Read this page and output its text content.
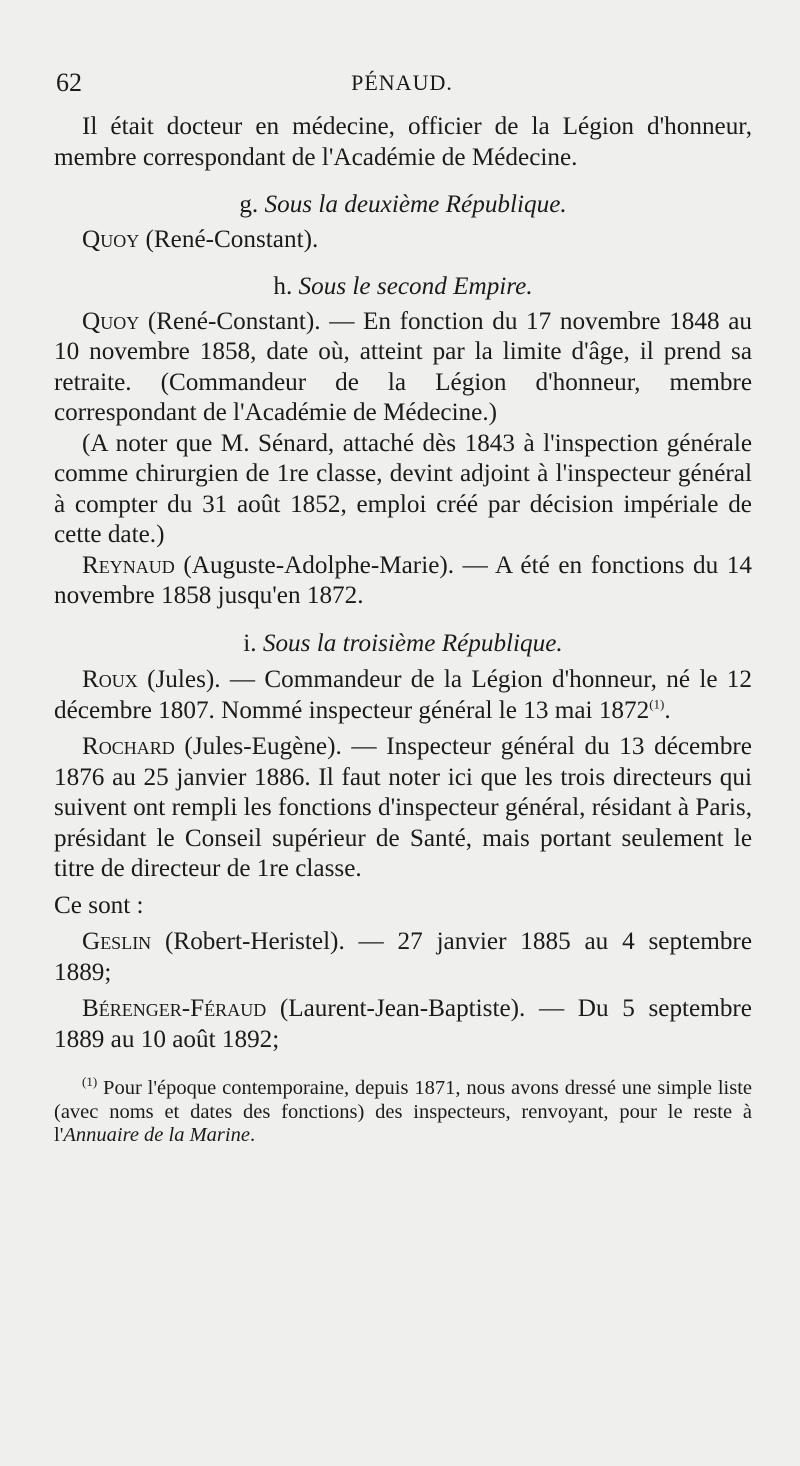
62	PÉNAUD.

Il était docteur en médecine, officier de la Légion d'honneur, membre correspondant de l'Académie de Médecine.

g. Sous la deuxième République.

Quoy (René-Constant).

h. Sous le second Empire.

Quoy (René-Constant). — En fonction du 17 novembre 1848 au 10 novembre 1858, date où, atteint par la limite d'âge, il prend sa retraite. (Commandeur de la Légion d'honneur, membre correspondant de l'Académie de Médecine.)

(A noter que M. Sénard, attaché dès 1843 à l'inspection générale comme chirurgien de 1re classe, devint adjoint à l'inspecteur général à compter du 31 août 1852, emploi créé par décision impériale de cette date.)

Reynaud (Auguste-Adolphe-Marie). — A été en fonctions du 14 novembre 1858 jusqu'en 1872.

i. Sous la troisième République.

Roux (Jules). — Commandeur de la Légion d'honneur, né le 12 décembre 1807. Nommé inspecteur général le 13 mai 1872$^{(1)}$.

Rochard (Jules-Eugène). — Inspecteur général du 13 décembre 1876 au 25 janvier 1886. Il faut noter ici que les trois directeurs qui suivent ont rempli les fonctions d'inspecteur général, résidant à Paris, présidant le Conseil supérieur de Santé, mais portant seulement le titre de directeur de 1re classe.

Ce sont :

Geslin (Robert-Heristel). — 27 janvier 1885 au 4 septembre 1889;

Bérenger-Féraud (Laurent-Jean-Baptiste). — Du 5 septembre 1889 au 10 août 1892;

$^{(1)}$ Pour l'époque contemporaine, depuis 1871, nous avons dressé une simple liste (avec noms et dates des fonctions) des inspecteurs, renvoyant, pour le reste à l'Annuaire de la Marine.
